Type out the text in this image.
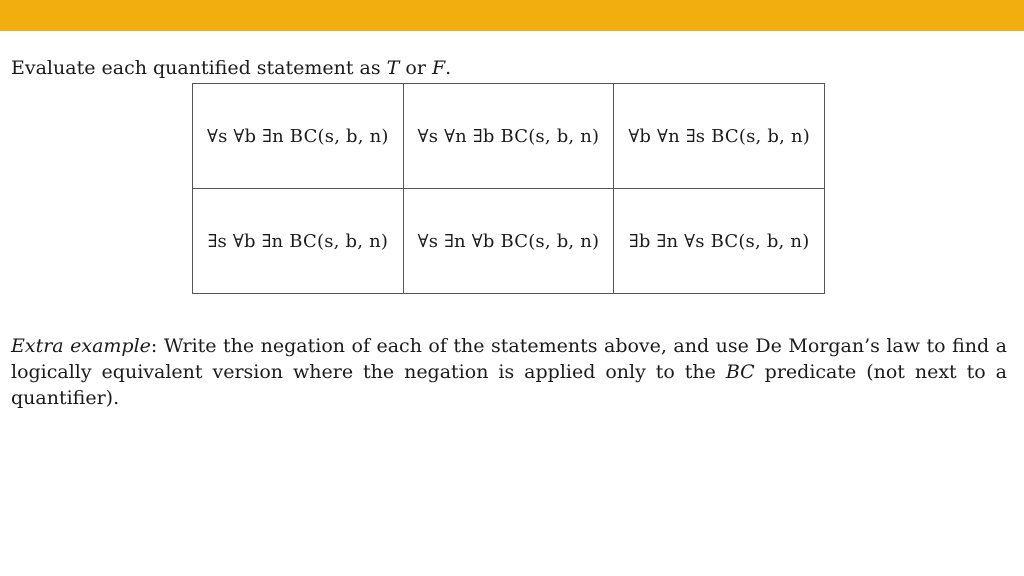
Evaluate each quantified statement as T or F.
∀s ∀b ∃n BC(s, b, n)	∀s ∀n ∃b BC(s, b, n)	∀b ∀n ∃s BC(s, b, n)
∃s ∀b ∃n BC(s, b, n)	∀s ∃n ∀b BC(s, b, n)	∃b ∃n ∀s BC(s, b, n)
Extra example: Write the negation of each of the statements above, and use De Morgan’s law to find a logically equivalent version where the negation is applied only to the BC predicate (not next to a quantifier).
